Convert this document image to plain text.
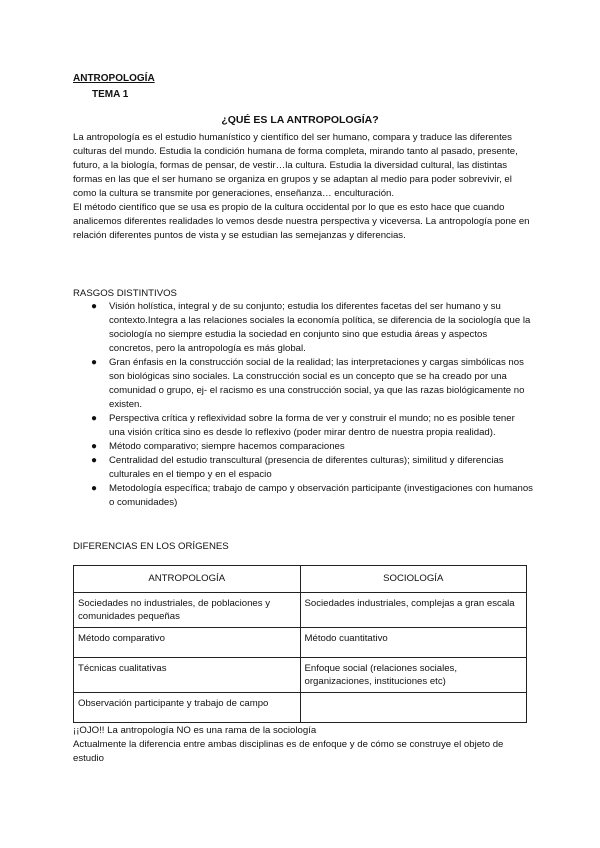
ANTROPOLOGÍA
TEMA 1
¿QUÉ ES LA ANTROPOLOGÍA?
La antropología es el estudio humanístico y científico del ser humano, compara y traduce las diferentes culturas del mundo. Estudia la condición humana de forma completa, mirando tanto al pasado, presente, futuro, a la biología, formas de pensar, de vestir…la cultura. Estudia la diversidad cultural, las distintas formas en las que el ser humano se organiza en grupos y se adaptan al medio para poder sobrevivir, el como la cultura se transmite por generaciones, enseñanza… enculturación.
El método científico que se usa es propio de la cultura occidental por lo que es esto hace que cuando analicemos diferentes realidades lo vemos desde nuestra perspectiva y viceversa. La antropología pone en relación diferentes puntos de vista y se estudian las semejanzas y diferencias.
RASGOS DISTINTIVOS
● Visión holística, integral y de su conjunto; estudia los diferentes facetas del ser humano y su contexto.Integra a las relaciones sociales la economía política, se diferencia de la sociología que la sociología no siempre estudia la sociedad en conjunto sino que estudia áreas y aspectos concretos, pero la antropología es más global.
● Gran énfasis en la construcción social de la realidad; las interpretaciones y cargas simbólicas nos son biológicas sino sociales. La construcción social es un concepto que se ha creado por una comunidad o grupo, ej- el racismo es una construcción social, ya que las razas biológicamente no existen.
● Perspectiva crítica y reflexividad sobre la forma de ver y construir el mundo; no es posible tener una visión crítica sino es desde lo reflexivo (poder mirar dentro de nuestra propia realidad).
● Método comparativo; siempre hacemos comparaciones
● Centralidad del estudio transcultural (presencia de diferentes culturas); similitud y diferencias culturales en el tiempo y en el espacio
● Metodología específica; trabajo de campo y observación participante (investigaciones con humanos o comunidades)
DIFERENCIAS EN LOS ORÍGENES
ANTROPOLOGÍA	SOCIOLOGÍA
Sociedades no industriales, de poblaciones y comunidades pequeñas	Sociedades industriales, complejas a gran escala
Método comparativo	Método cuantitativo
Técnicas cualitativas	Enfoque social (relaciones sociales, organizaciones, instituciones etc)
Observación participante y trabajo de campo	
¡¡OJO!! La antropología NO es una rama de la sociología
Actualmente la diferencia entre ambas disciplinas es de enfoque y de cómo se construye el objeto de estudio
